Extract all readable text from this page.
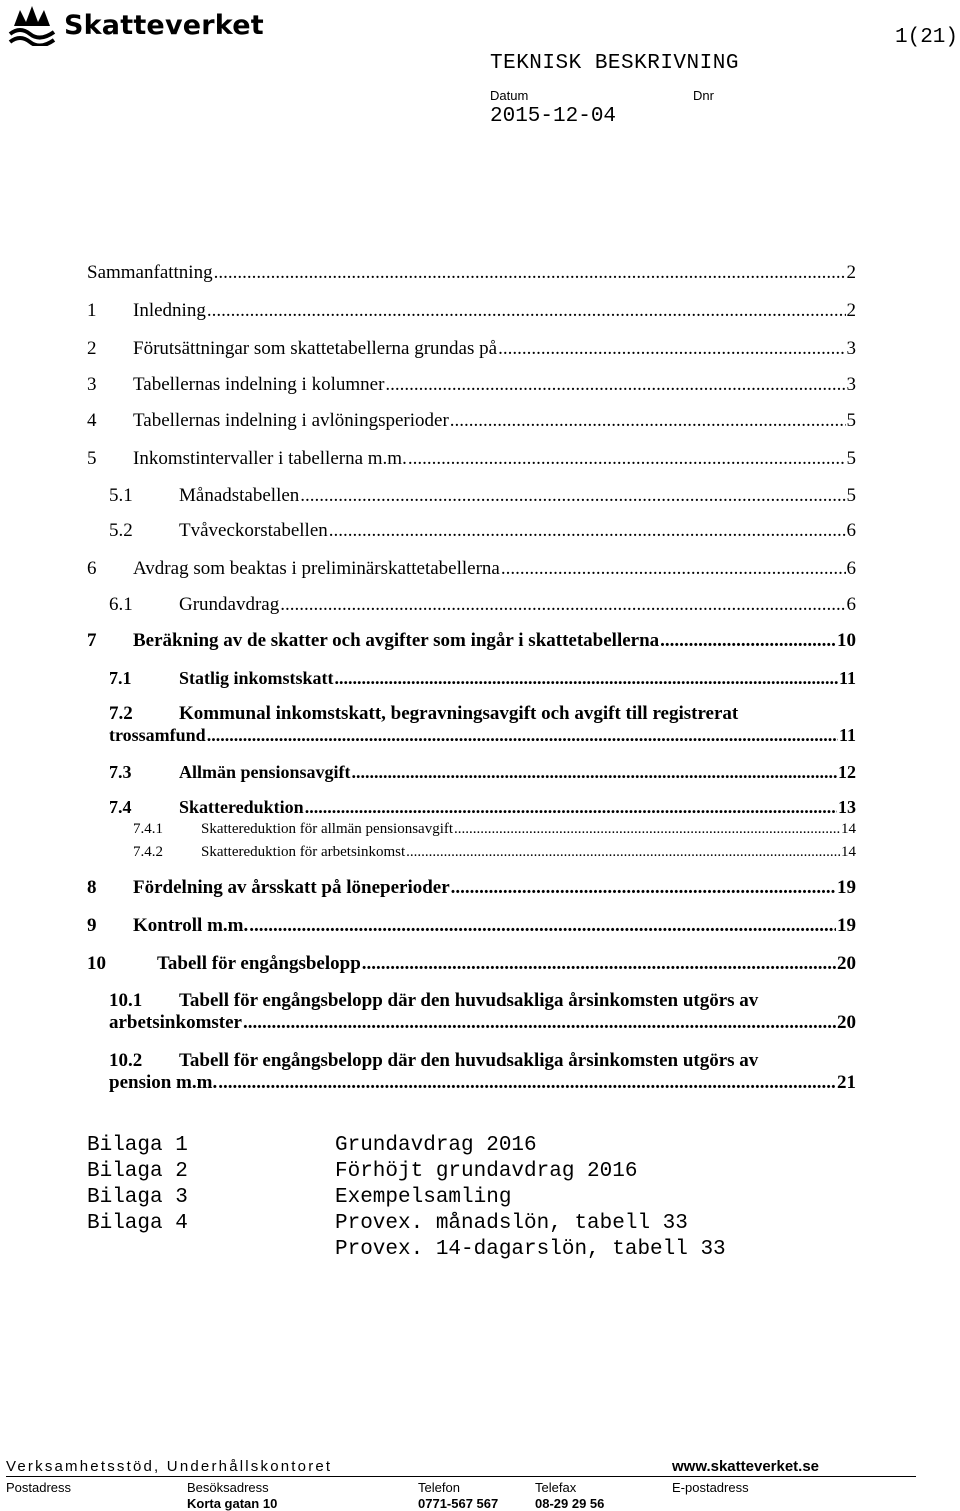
Skatteverket	1(21)
TEKNISK BESKRIVNING
Datum	Dnr
2015-12-04
Sammanfattning .....	2
1	Inledning .....	2
2	Förutsättningar som skattetabellerna grundas på .....	3
3	Tabellernas indelning i kolumner .....	3
4	Tabellernas indelning i avlöningsperioder .....	5
5	Inkomstintervaller i tabellerna m.m. .....	5
5.1	Månadstabellen .....	5
5.2	Tvåveckorstabellen .....	6
6	Avdrag som beaktas i preliminärskattetabellerna .....	6
6.1	Grundavdrag .....	6
7	Beräkning av de skatter och avgifter som ingår i skattetabellerna .....	10
7.1	Statlig inkomstskatt .....	11
7.2	Kommunal inkomstskatt, begravningsavgift och avgift till registrerat
trossamfund .....	11
7.3	Allmän pensionsavgift .....	12
7.4	Skattereduktion .....	13
7.4.1	Skattereduktion för allmän pensionsavgift .....	14
7.4.2	Skattereduktion för arbetsinkomst .....	14
8	Fördelning av årsskatt på löneperioder .....	19
9	Kontroll m.m. .....	19
10	Tabell för engångsbelopp .....	20
10.1	Tabell för engångsbelopp där den huvudsakliga årsinkomsten utgörs av
arbetsinkomster .....	20
10.2	Tabell för engångsbelopp där den huvudsakliga årsinkomsten utgörs av
pension m.m. .....	21
Bilaga 1	Grundavdrag 2016
Bilaga 2	Förhöjt grundavdrag 2016
Bilaga 3	Exempelsamling
Bilaga 4	Provex. månadslön, tabell 33
Provex. 14-dagarslön, tabell 33
Verksamhetsstöd, Underhållskontoret	www.skatteverket.se
Postadress	Besöksadress	Telefon	Telefax	E-postadress
Korta gatan 10	0771-567 567	08-29 29 56
